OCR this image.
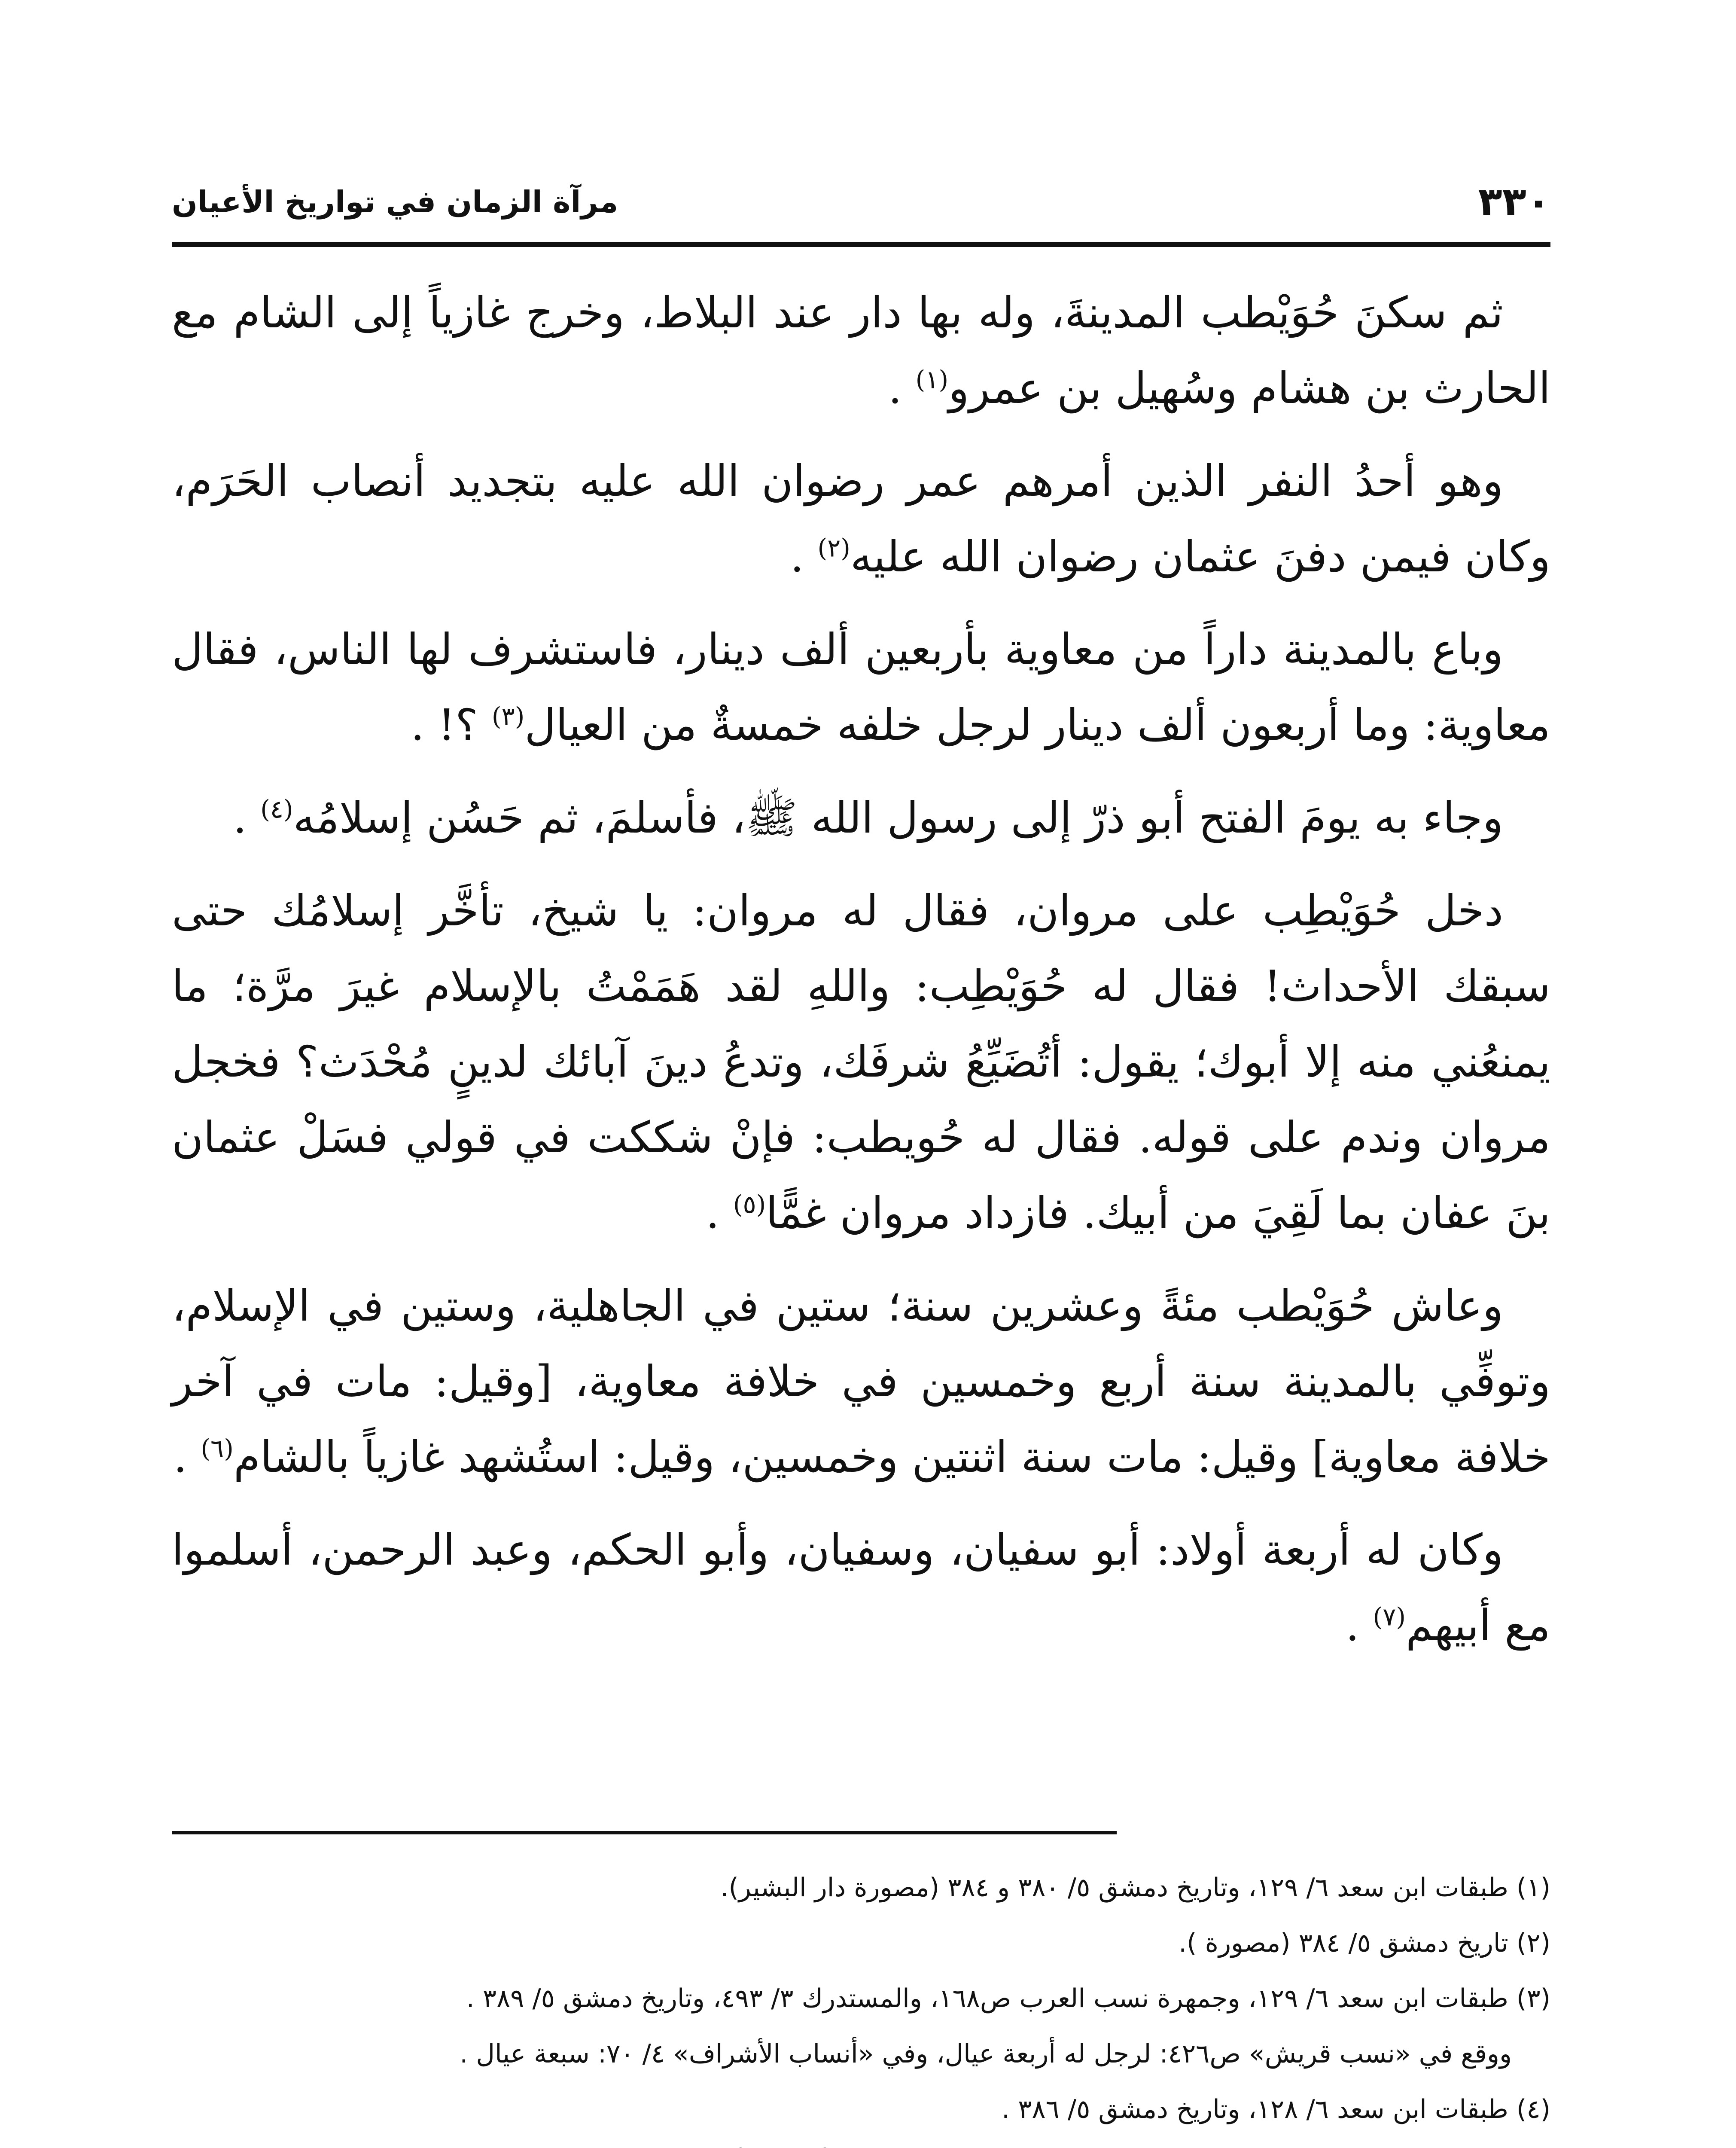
٣٣٠
مرآة الزمان في تواريخ الأعيان

ثم سكنَ حُوَيْطب المدينةَ، وله بها دار عند البلاط، وخرج غازياً إلى الشام مع الحارث بن هشام وسُهيل بن عمرو$^{(١)}$ .

وهو أحدُ النفر الذين أمرهم عمر رضوان الله عليه بتجديد أنصاب الحَرَم، وكان فيمن دفنَ عثمان رضوان الله عليه$^{(٢)}$ .

وباع بالمدينة داراً من معاوية بأربعين ألف دينار، فاستشرف لها الناس، فقال معاوية: وما أربعون ألف دينار لرجل خلفه خمسةٌ من العيال$^{(٣)}$ ؟! .

وجاء به يومَ الفتح أبو ذرّ إلى رسول الله ﷺ، فأسلمَ، ثم حَسُن إسلامُه$^{(٤)}$ .

دخل حُوَيْطِب على مروان، فقال له مروان: يا شيخ، تأخَّر إسلامُك حتى سبقك الأحداث! فقال له حُوَيْطِب: واللهِ لقد هَمَمْتُ بالإسلام غيرَ مرَّة؛ ما يمنعُني منه إلا أبوك؛ يقول: أتُضَيِّعُ شرفَك، وتدعُ دينَ آبائك لدينٍ مُحْدَث؟ فخجل مروان وندم على قوله. فقال له حُويطب: فإنْ شككت في قولي فسَلْ عثمان بنَ عفان بما لَقِيَ من أبيك. فازداد مروان غمًّا$^{(٥)}$ .

وعاش حُوَيْطب مئةً وعشرين سنة؛ ستين في الجاهلية، وستين في الإسلام، وتوفِّي بالمدينة سنة أربع وخمسين في خلافة معاوية، [وقيل: مات في آخر خلافة معاوية] وقيل: مات سنة اثنتين وخمسين، وقيل: استُشهد غازياً بالشام$^{(٦)}$ .

وكان له أربعة أولاد: أبو سفيان، وسفيان، وأبو الحكم، وعبد الرحمن، أسلموا مع أبيهم$^{(٧)}$ .

(١) طبقات ابن سعد ٦/ ١٢٩، وتاريخ دمشق ٥/ ٣٨٠ و ٣٨٤ (مصورة دار البشير).

(٢) تاريخ دمشق ٥/ ٣٨٤ (مصورة ).

(٣) طبقات ابن سعد ٦/ ١٢٩، وجمهرة نسب العرب ص١٦٨، والمستدرك ٣/ ٤٩٣، وتاريخ دمشق ٥/ ٣٨٩ .

ووقع في «نسب قريش» ص٤٢٦: لرجل له أربعة عيال، وفي «أنساب الأشراف» ٤/ ٧٠: سبعة عيال .

(٤) طبقات ابن سعد ٦/ ١٢٨، وتاريخ دمشق ٥/ ٣٨٦ .
